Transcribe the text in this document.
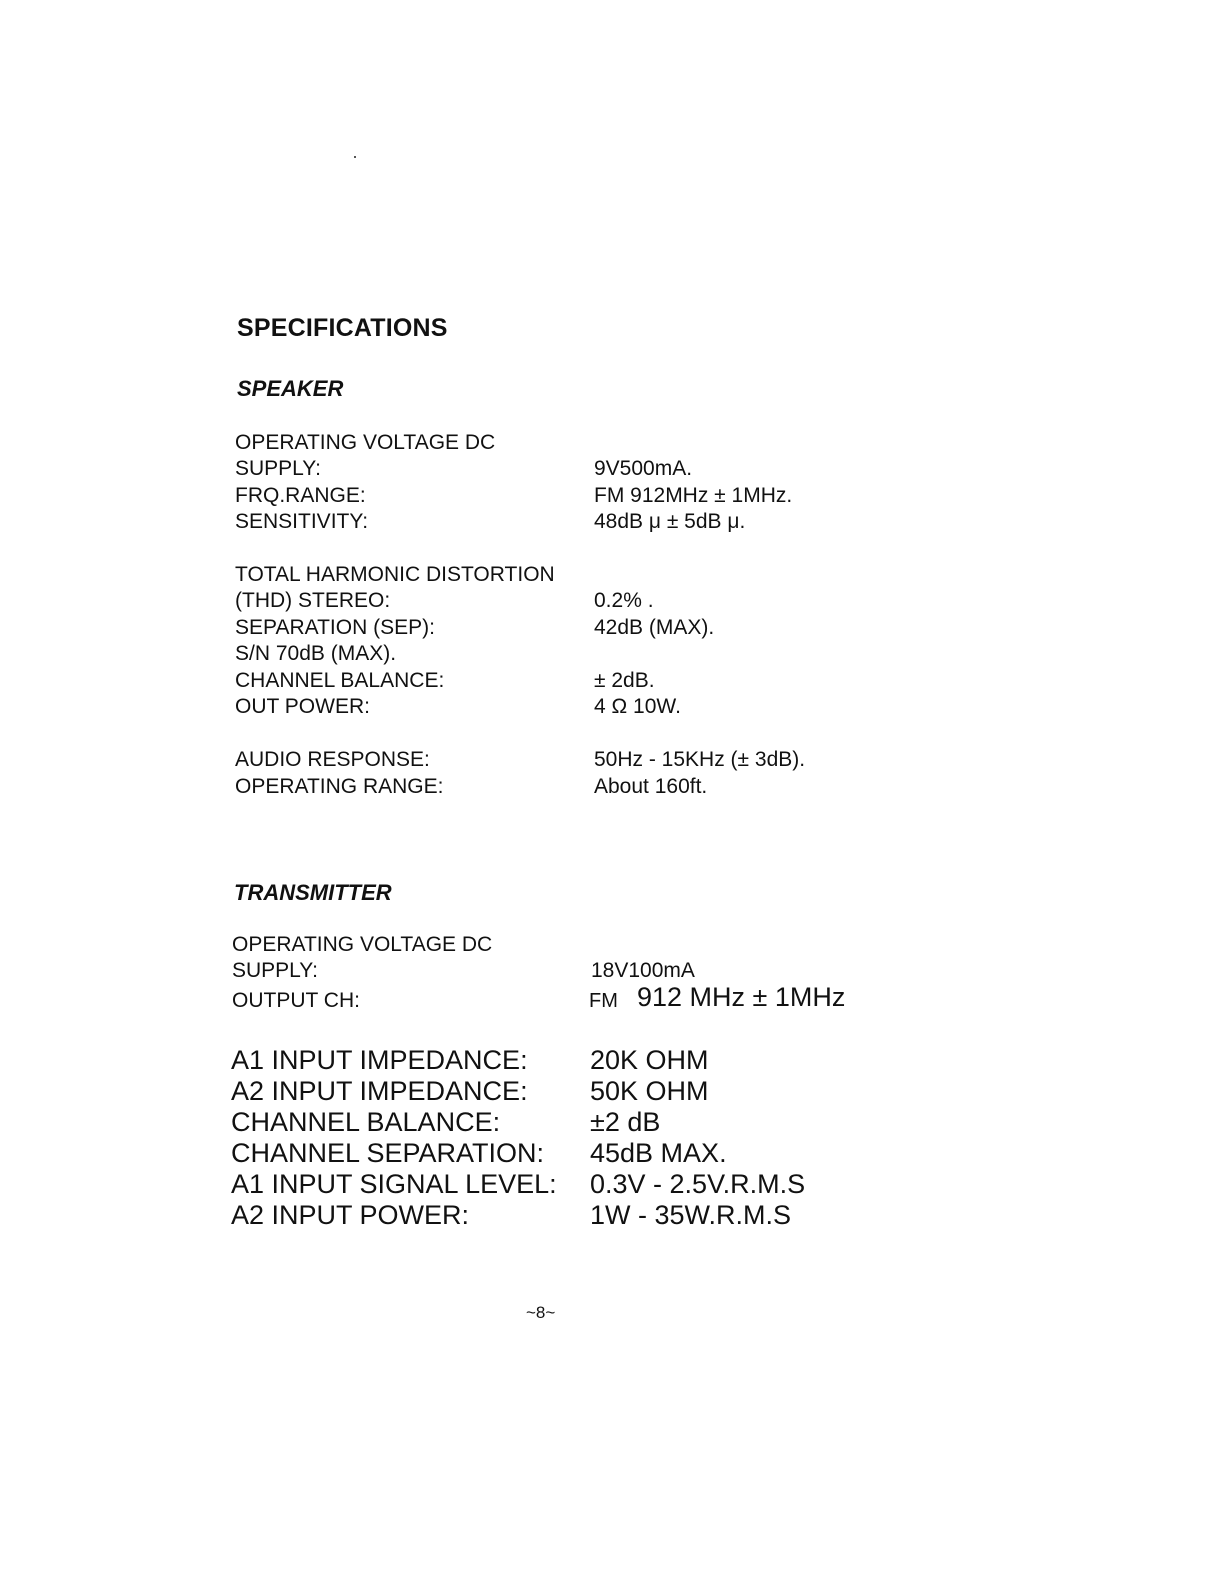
SPECIFICATIONS
SPEAKER
OPERATING VOLTAGE DC
SUPPLY:	9V500mA.
FRQ.RANGE:	FM 912MHz ± 1MHz.
SENSITIVITY:	48dB μ ± 5dB μ.
TOTAL HARMONIC DISTORTION
(THD) STEREO:	0.2% .
SEPARATION (SEP):	42dB (MAX).
S/N 70dB (MAX).
CHANNEL BALANCE:	± 2dB.
OUT POWER:	4 Ω 10W.
AUDIO RESPONSE:	50Hz - 15KHz (± 3dB).
OPERATING RANGE:	About 160ft.
TRANSMITTER
OPERATING VOLTAGE DC
SUPPLY:	18V100mA
OUTPUT CH:	FM 912 MHz ± 1MHz
A1 INPUT IMPEDANCE: 20K OHM
A2 INPUT IMPEDANCE: 50K OHM
CHANNEL BALANCE:	±2 dB
CHANNEL SEPARATION: 45dB MAX.
A1 INPUT SIGNAL LEVEL: 0.3V - 2.5V.R.M.S
A2 INPUT POWER:	1W - 35W.R.M.S
~8~
